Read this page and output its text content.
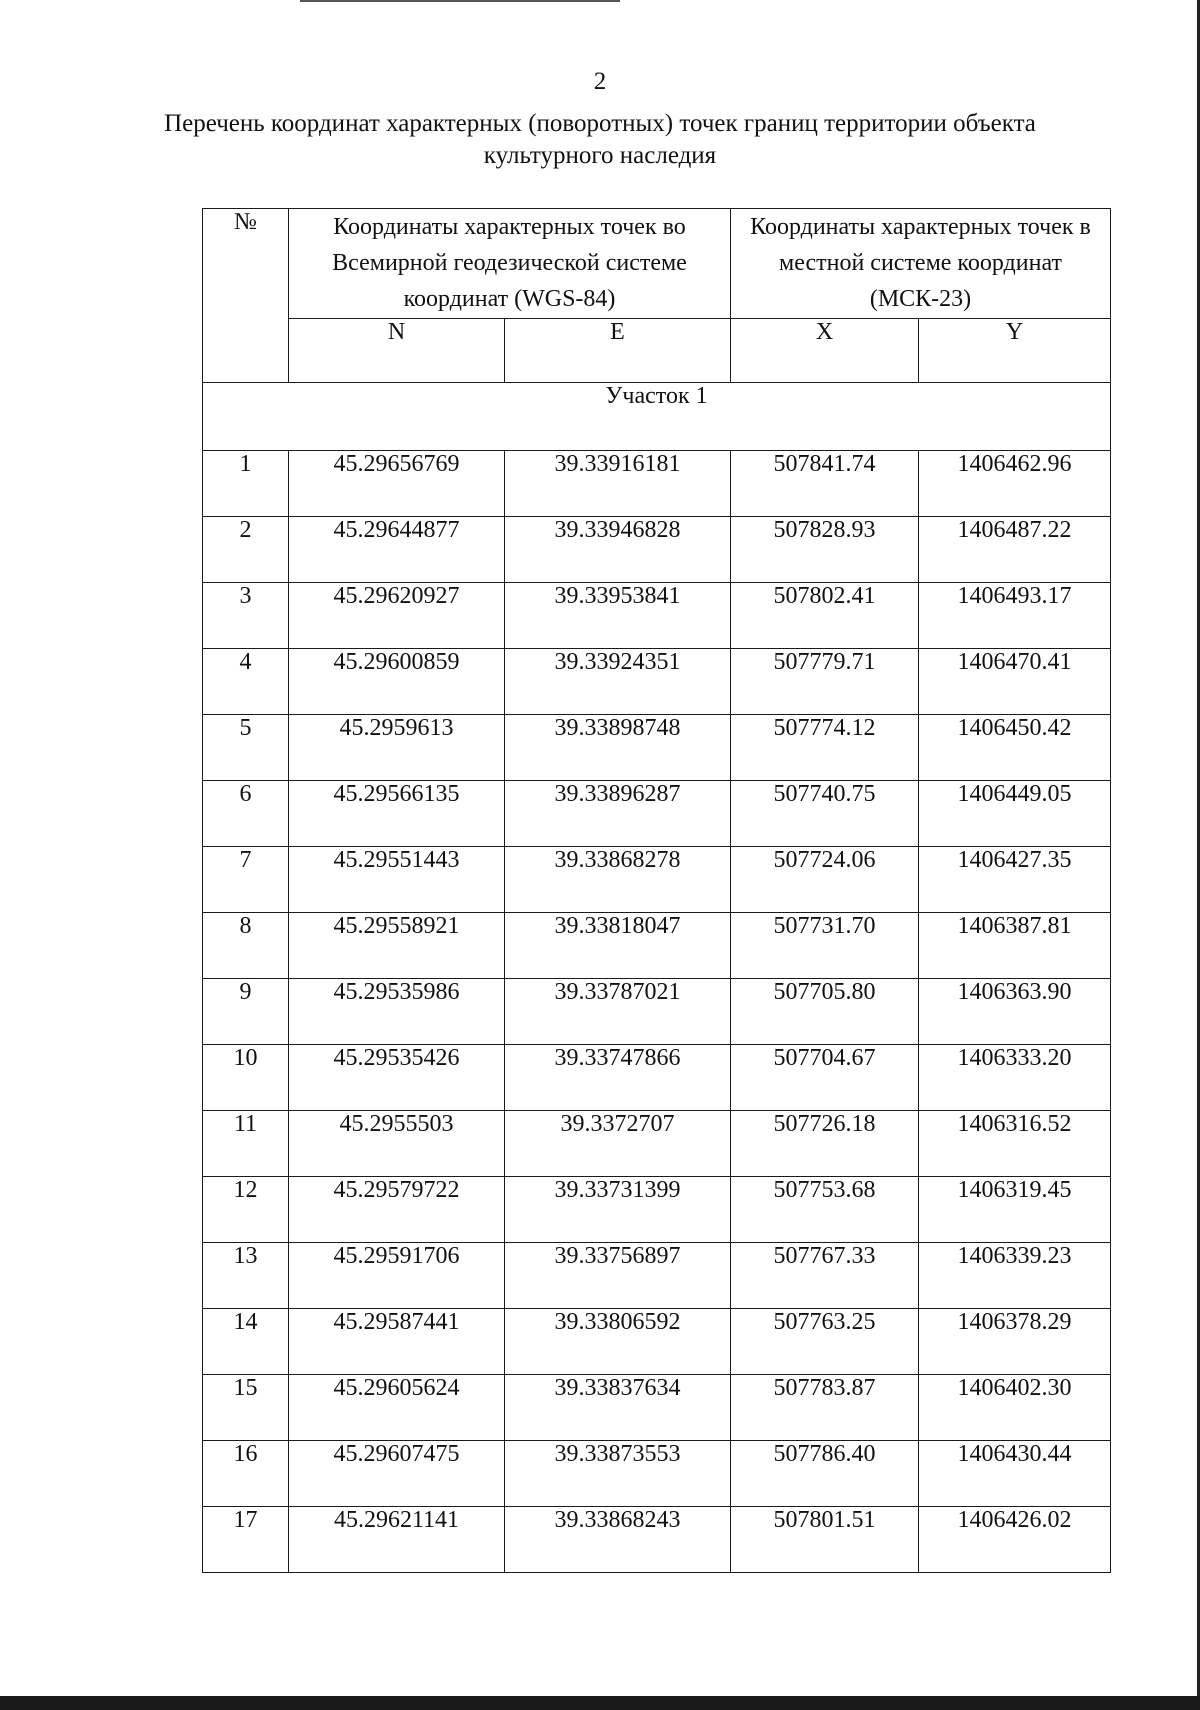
2
Перечень координат характерных (поворотных) точек границ территории объекта культурного наследия
№	Координаты характерных точек во Всемирной геодезической системе координат (WGS-84)		Координаты характерных точек в местной системе координат (МСК-23)	
	N	E	X	Y
Участок 1				
1	45.29656769	39.33916181	507841.74	1406462.96
2	45.29644877	39.33946828	507828.93	1406487.22
3	45.29620927	39.33953841	507802.41	1406493.17
4	45.29600859	39.33924351	507779.71	1406470.41
5	45.2959613	39.33898748	507774.12	1406450.42
6	45.29566135	39.33896287	507740.75	1406449.05
7	45.29551443	39.33868278	507724.06	1406427.35
8	45.29558921	39.33818047	507731.70	1406387.81
9	45.29535986	39.33787021	507705.80	1406363.90
10	45.29535426	39.33747866	507704.67	1406333.20
11	45.2955503	39.3372707	507726.18	1406316.52
12	45.29579722	39.33731399	507753.68	1406319.45
13	45.29591706	39.33756897	507767.33	1406339.23
14	45.29587441	39.33806592	507763.25	1406378.29
15	45.29605624	39.33837634	507783.87	1406402.30
16	45.29607475	39.33873553	507786.40	1406430.44
17	45.29621141	39.33868243	507801.51	1406426.02
